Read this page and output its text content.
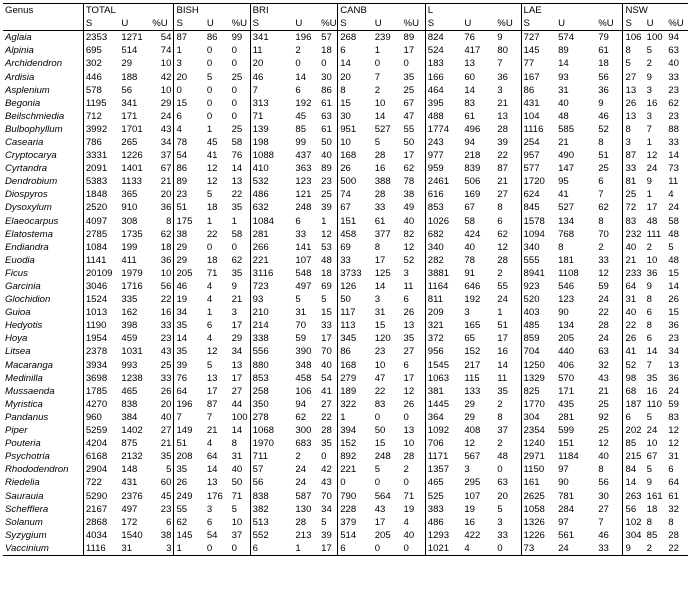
Genus	TOTAL			BISH			BRI			CANB			L			LAE			NSW		
	S	U	%U	S	U	%U	S	U	%U	S	U	%U	S	U	%U	S	U	%U	S	U	%U
Aglaia	2353	1271	54	87	86	99	341	196	57	268	239	89	824	76	9	727	574	79	106	100	94
Alpinia	695	514	74	1	0	0	11	2	18	6	1	17	524	417	80	145	89	61	8	5	63
Archidendron	302	29	10	3	0	0	20	0	0	14	0	0	183	13	7	77	14	18	5	2	40
Ardisia	446	188	42	20	5	25	46	14	30	20	7	35	166	60	36	167	93	56	27	9	33
Asplenium	578	56	10	0	0	0	7	6	86	8	2	25	464	14	3	86	31	36	13	3	23
Begonia	1195	341	29	15	0	0	313	192	61	15	10	67	395	83	21	431	40	9	26	16	62
Beilschmiedia	712	171	24	6	0	0	71	45	63	30	14	47	488	61	13	104	48	46	13	3	23
Bulbophyllum	3992	1701	43	4	1	25	139	85	61	951	527	55	1774	496	28	1116	585	52	8	7	88
Casearia	786	265	34	78	45	58	198	99	50	10	5	50	243	94	39	254	21	8	3	1	33
Cryptocarya	3331	1226	37	54	41	76	1088	437	40	168	28	17	977	218	22	957	490	51	87	12	14
Cyrtandra	2091	1401	67	86	12	14	410	363	89	26	16	62	959	839	87	577	147	25	33	24	73
Dendrobium	5383	1133	21	89	12	13	532	123	23	500	388	78	2461	506	21	1720	95	6	81	9	11
Diospyros	1848	365	20	23	5	22	486	121	25	74	28	38	616	169	27	624	41	7	25	1	4
Dysoxylum	2520	910	36	51	18	35	632	248	39	67	33	49	853	67	8	845	527	62	72	17	24
Elaeocarpus	4097	308	8	175	1	1	1084	6	1	151	61	40	1026	58	6	1578	134	8	83	48	58
Elatostema	2785	1735	62	38	22	58	281	33	12	458	377	82	682	424	62	1094	768	70	232	111	48
Endiandra	1084	199	18	29	0	0	266	141	53	69	8	12	340	40	12	340	8	2	40	2	5
Euodia	1141	411	36	29	18	62	221	107	48	33	17	52	282	78	28	555	181	33	21	10	48
Ficus	20109	1979	10	205	71	35	3116	548	18	3733	125	3	3881	91	2	8941	1108	12	233	36	15
Garcinia	3046	1716	56	46	4	9	723	497	69	126	14	11	1164	646	55	923	546	59	64	9	14
Glochidion	1524	335	22	19	4	21	93	5	5	50	3	6	811	192	24	520	123	24	31	8	26
Guioa	1013	162	16	34	1	3	210	31	15	117	31	26	209	3	1	403	90	22	40	6	15
Hedyotis	1190	398	33	35	6	17	214	70	33	113	15	13	321	165	51	485	134	28	22	8	36
Hoya	1954	459	23	14	4	29	338	59	17	345	120	35	372	65	17	859	205	24	26	6	23
Litsea	2378	1031	43	35	12	34	556	390	70	86	23	27	956	152	16	704	440	63	41	14	34
Macaranga	3934	993	25	39	5	13	880	348	40	168	10	6	1545	217	14	1250	406	32	52	7	13
Medinilla	3698	1238	33	76	13	17	853	458	54	279	47	17	1063	115	11	1329	570	43	98	35	36
Mussaenda	1785	465	26	64	17	27	258	106	41	189	22	12	381	133	35	825	171	21	68	16	24
Myristica	4270	838	20	196	87	44	350	94	27	322	83	26	1445	29	2	1770	435	25	187	110	59
Pandanus	960	384	40	7	7	100	278	62	22	1	0	0	364	29	8	304	281	92	6	5	83
Piper	5259	1402	27	149	21	14	1068	300	28	394	50	13	1092	408	37	2354	599	25	202	24	12
Pouteria	4204	875	21	51	4	8	1970	683	35	152	15	10	706	12	2	1240	151	12	85	10	12
Psychotria	6168	2132	35	208	64	31	711	2	0	892	248	28	1171	567	48	2971	1184	40	215	67	31
Rhododendron	2904	148	5	35	14	40	57	24	42	221	5	2	1357	3	0	1150	97	8	84	5	6
Riedelia	722	431	60	26	13	50	56	24	43	0	0	0	465	295	63	161	90	56	14	9	64
Saurauia	5290	2376	45	249	176	71	838	587	70	790	564	71	525	107	20	2625	781	30	263	161	61
Schefflera	2167	497	23	55	3	5	382	130	34	228	43	19	383	19	5	1058	284	27	56	18	32
Solanum	2868	172	6	62	6	10	513	28	5	379	17	4	486	16	3	1326	97	7	102	8	8
Syzygium	4034	1540	38	145	54	37	552	213	39	514	205	40	1293	422	33	1226	561	46	304	85	28
Vaccinium	1116	31	3	1	0	0	6	1	17	6	0	0	1021	4	0	73	24	33	9	2	22
